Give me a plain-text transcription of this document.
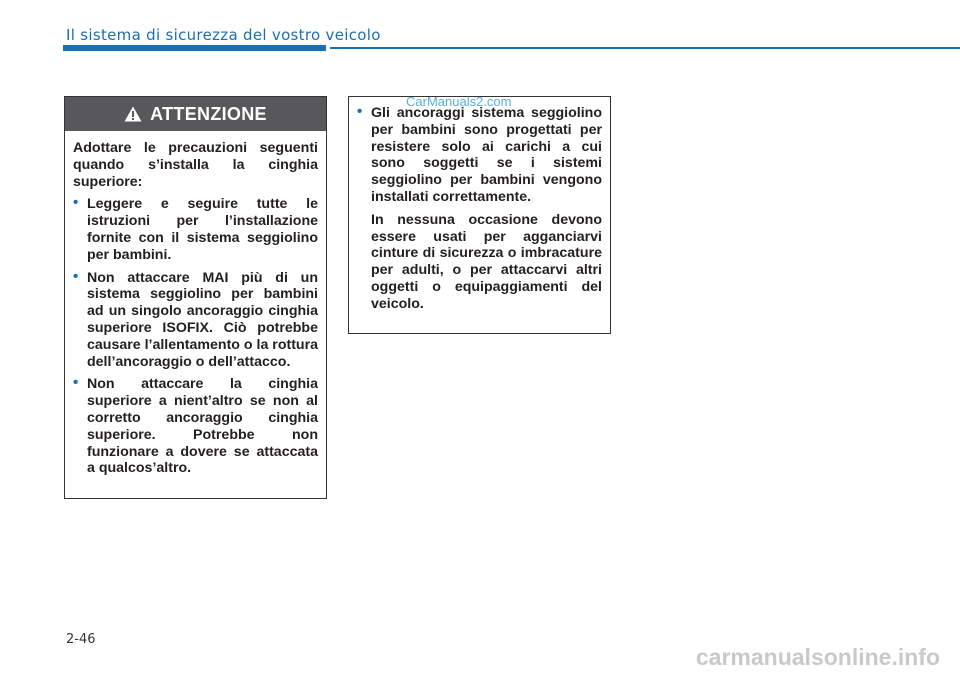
Il sistema di sicurezza del vostro veicolo
ATTENZIONE

Adottare le precauzioni seguenti quando s’installa la cinghia superiore:

• Leggere e seguire tutte le istruzioni per l’installazione fornite con il sistema seggiolino per bambini.
• Non attaccare MAI più di un sistema seggiolino per bambini ad un singolo ancoraggio cinghia superiore ISOFIX. Ciò potrebbe causare l’allentamento o la rottura dell’ancoraggio o dell’attacco.
• Non attaccare la cinghia superiore a nient’altro se non al corretto ancoraggio cinghia superiore. Potrebbe non funzionare a dovere se attaccata a qualcos’altro.
• Gli ancoraggi sistema seggiolino per bambini sono progettati per resistere solo ai carichi a cui sono soggetti se i sistemi seggiolino per bambini vengono installati correttamente.

In nessuna occasione devono essere usati per agganciarvi cinture di sicurezza o imbracature per adulti, o per attaccarvi altri oggetti o equipaggiamenti del veicolo.

CarManuals2.com
2-46
carmanualsonline.info
